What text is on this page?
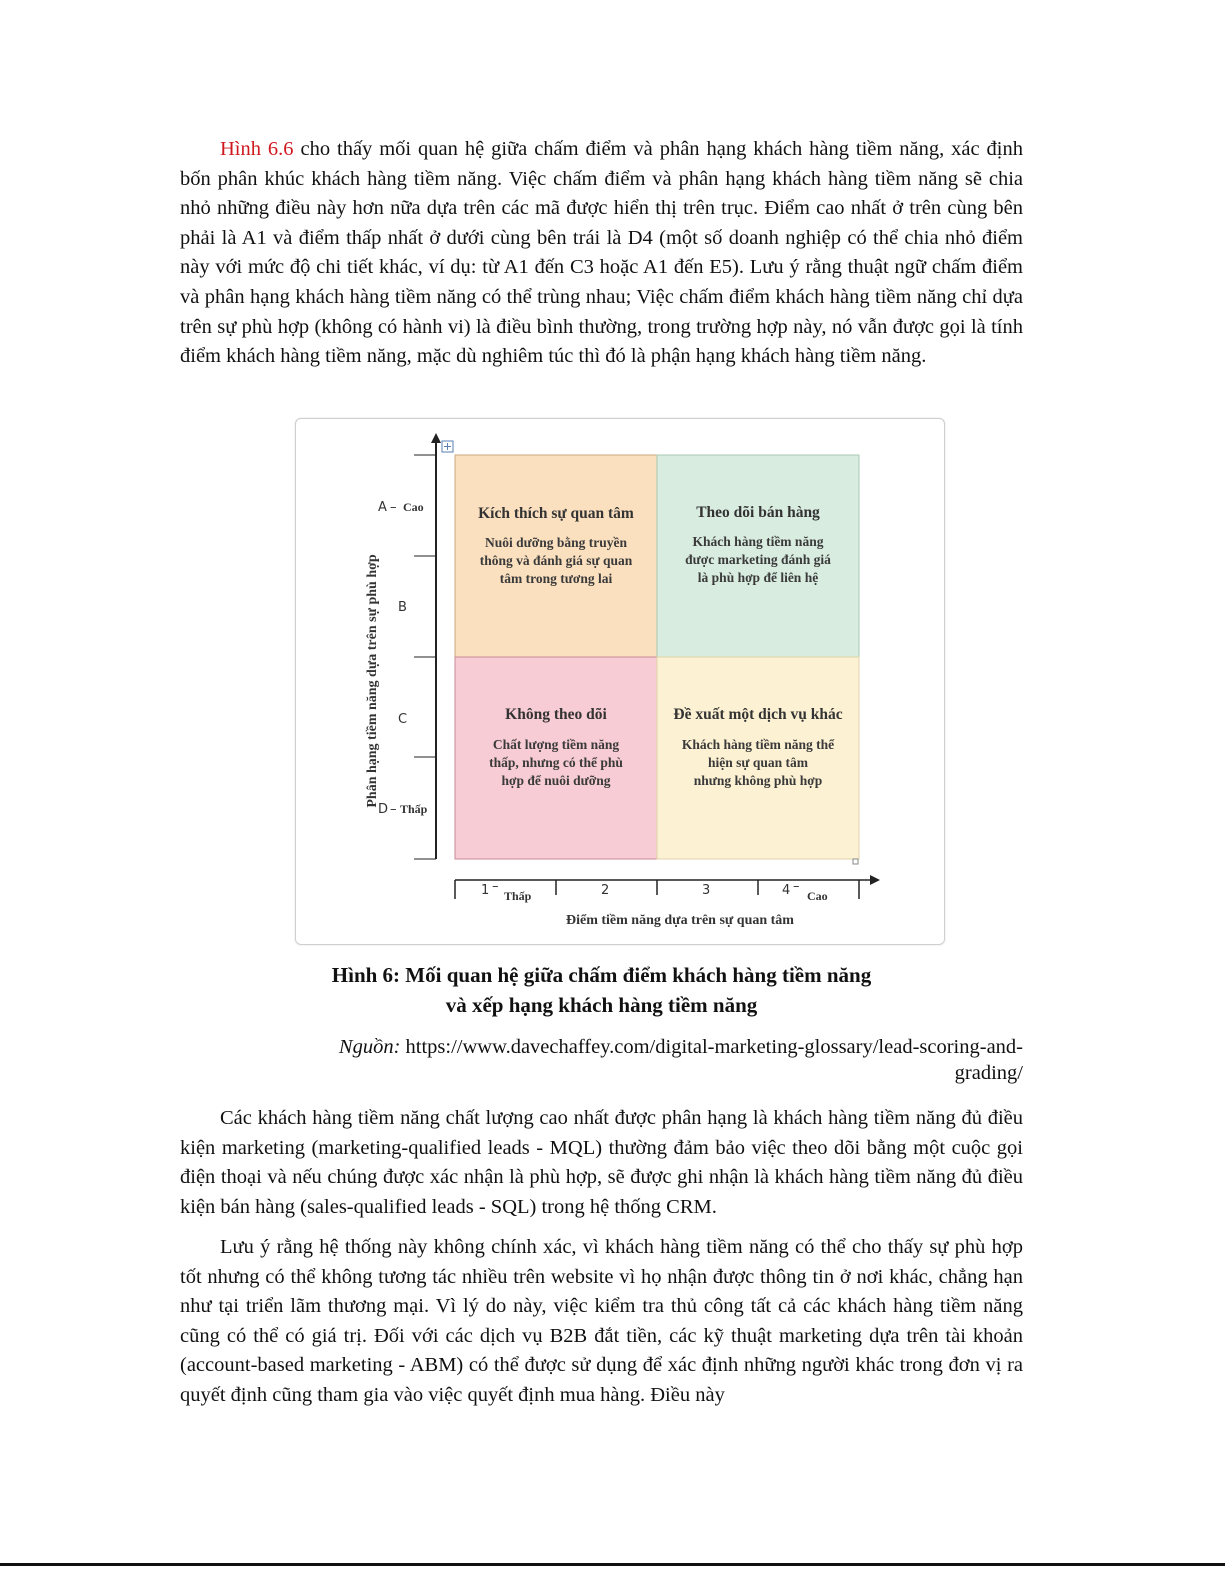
Hình 6.6 cho thấy mối quan hệ giữa chấm điểm và phân hạng khách hàng tiềm năng, xác định bốn phân khúc khách hàng tiềm năng. Việc chấm điểm và phân hạng khách hàng tiềm năng sẽ chia nhỏ những điều này hơn nữa dựa trên các mã được hiển thị trên trục. Điểm cao nhất ở trên cùng bên phải là A1 và điểm thấp nhất ở dưới cùng bên trái là D4 (một số doanh nghiệp có thể chia nhỏ điểm này với mức độ chi tiết khác, ví dụ: từ A1 đến C3 hoặc A1 đến E5). Lưu ý rằng thuật ngữ chấm điểm và phân hạng khách hàng tiềm năng có thể trùng nhau; Việc chấm điểm khách hàng tiềm năng chỉ dựa trên sự phù hợp (không có hành vi) là điều bình thường, trong trường hợp này, nó vẫn được gọi là tính điểm khách hàng tiềm năng, mặc dù nghiêm túc thì đó là phận hạng khách hàng tiềm năng.

Kích thích sự quan tâm
Nuôi dưỡng bằng truyền
thông và đánh giá sự quan
tâm trong tương lai
Theo dõi bán hàng
Khách hàng tiềm năng
được marketing đánh giá
là phù hợp để liên hệ
Không theo dõi
Chất lượng tiềm năng
thấp, nhưng có thể phù
hợp để nuôi dưỡng
Đề xuất một dịch vụ khác
Khách hàng tiềm năng thể
hiện sự quan tâm
nhưng không phù hợp
A – Cao
B
C
D – Thấp
Phân hạng tiềm năng dựa trên sự phù hợp
1 –
Thấp	2	3	4 –
Cao
Điểm tiềm năng dựa trên sự quan tâm
Hình 6: Mối quan hệ giữa chấm điểm khách hàng tiềm năng
và xếp hạng khách hàng tiềm năng
Nguồn: https://www.davechaffey.com/digital-marketing-glossary/lead-scoring-and-
grading/

Các khách hàng tiềm năng chất lượng cao nhất được phân hạng là khách hàng tiềm năng đủ điều kiện marketing (marketing-qualified leads - MQL) thường đảm bảo việc theo dõi bằng một cuộc gọi điện thoại và nếu chúng được xác nhận là phù hợp, sẽ được ghi nhận là khách hàng tiềm năng đủ điều kiện bán hàng (sales-qualified leads - SQL) trong hệ thống CRM.

Lưu ý rằng hệ thống này không chính xác, vì khách hàng tiềm năng có thể cho thấy sự phù hợp tốt nhưng có thể không tương tác nhiều trên website vì họ nhận được thông tin ở nơi khác, chẳng hạn như tại triển lãm thương mại. Vì lý do này, việc kiểm tra thủ công tất cả các khách hàng tiềm năng cũng có thể có giá trị. Đối với các dịch vụ B2B đắt tiền, các kỹ thuật marketing dựa trên tài khoản (account-based marketing - ABM) có thể được sử dụng để xác định những người khác trong đơn vị ra quyết định cũng tham gia vào việc quyết định mua hàng. Điều này
